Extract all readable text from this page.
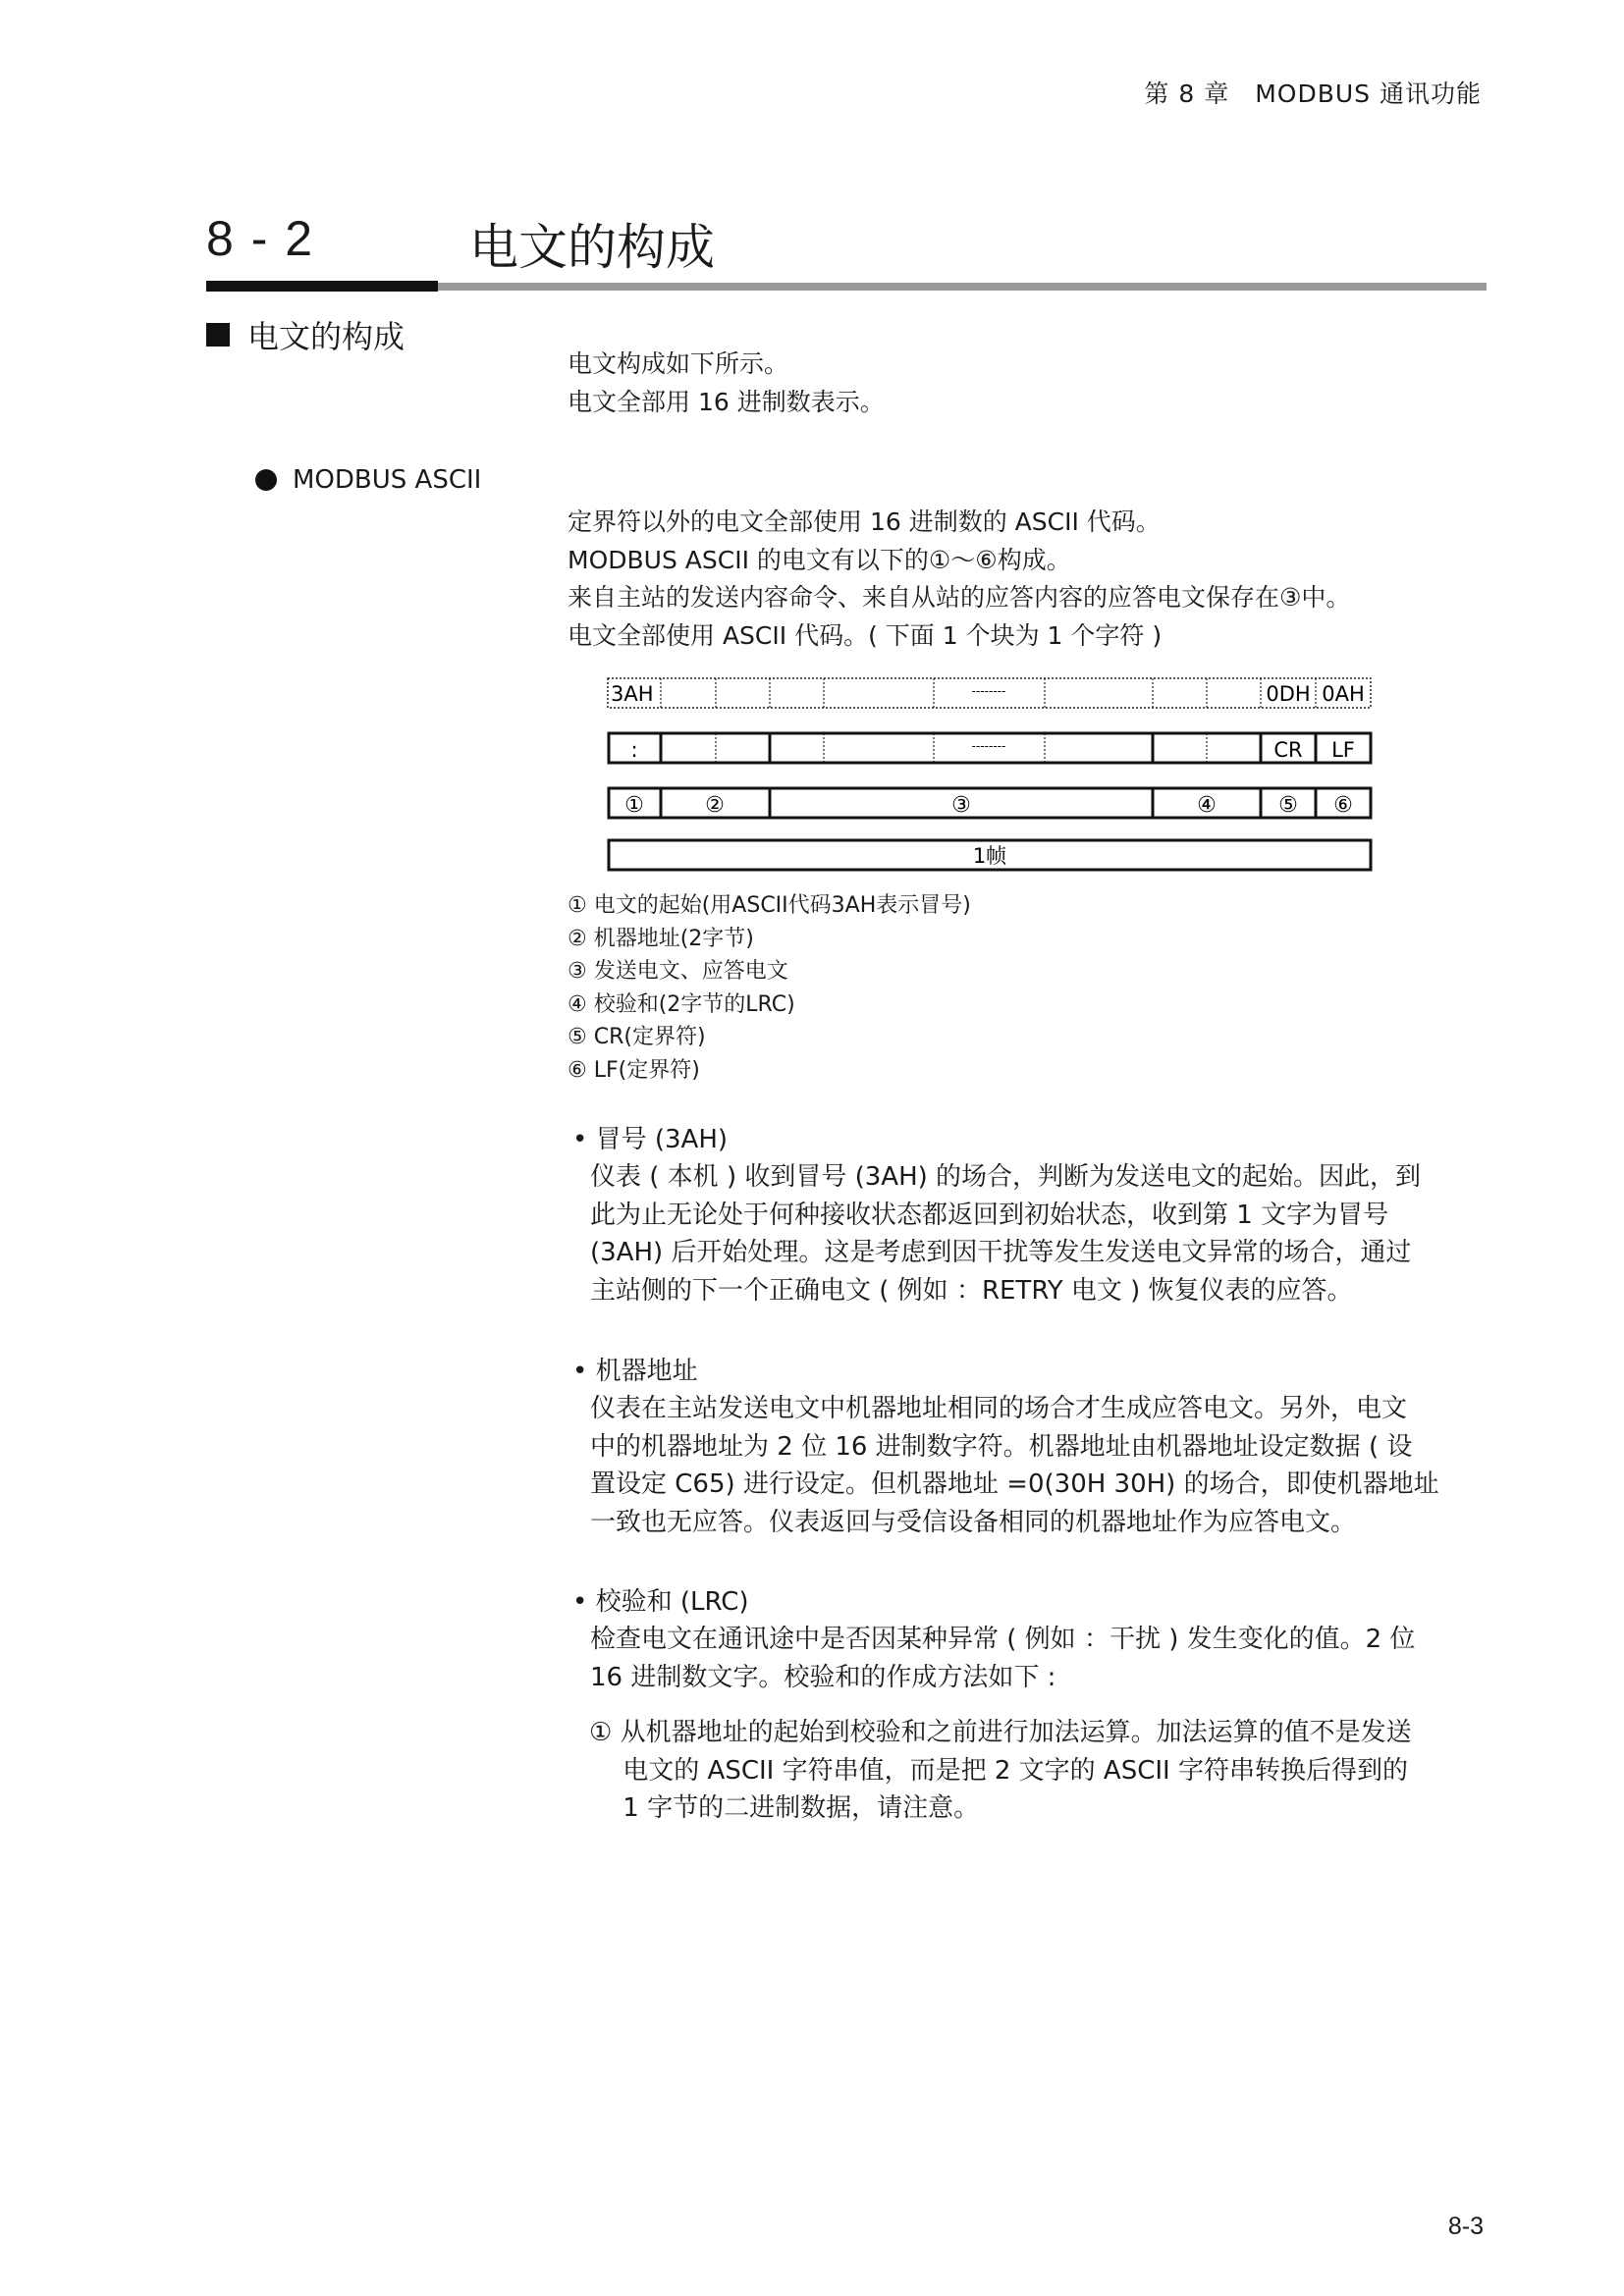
第 8 章　MODBUS 通讯功能
8 - 2	电文的构成
电文的构成
电文构成如下所示。
电文全部用 16 进制数表示。
MODBUS ASCII
定界符以外的电文全部使用 16 进制数的 ASCII 代码。
MODBUS ASCII 的电文有以下的①～⑥构成。
来自主站的发送内容命令、来自从站的应答内容的应答电文保存在③中。
电文全部使用 ASCII 代码。( 下面 1 个块为 1 个字符 )
3AH	--------	0DH 0AH
:	--------	CR LF
①	②	③	④	⑤ ⑥
1帧
① 电文的起始(用ASCII代码3AH表示冒号)
② 机器地址(2字节)
③ 发送电文、应答电文
④ 校验和(2字节的LRC)
⑤ CR(定界符)
⑥ LF(定界符)
• 冒号 (3AH)
仪表 ( 本机 ) 收到冒号 (3AH) 的场合，判断为发送电文的起始。因此，到
此为止无论处于何种接收状态都返回到初始状态，收到第 1 文字为冒号
(3AH) 后开始处理。这是考虑到因干扰等发生发送电文异常的场合，通过
主站侧的下一个正确电文 ( 例如 ：RETRY 电文 ) 恢复仪表的应答。
• 机器地址
仪表在主站发送电文中机器地址相同的场合才生成应答电文。另外，电文
中的机器地址为 2 位 16 进制数字符。机器地址由机器地址设定数据 ( 设
置设定 C65) 进行设定。但机器地址 =0(30H 30H) 的场合，即使机器地址
一致也无应答。仪表返回与受信设备相同的机器地址作为应答电文。
• 校验和 (LRC)
检查电文在通讯途中是否因某种异常 ( 例如 ：干扰 ) 发生变化的值。2 位
16 进制数文字。校验和的作成方法如下 :
① 从机器地址的起始到校验和之前进行加法运算。加法运算的值不是发送
　 电文的 ASCII 字符串值，而是把 2 文字的 ASCII 字符串转换后得到的
　 1 字节的二进制数据，请注意。
8-3
